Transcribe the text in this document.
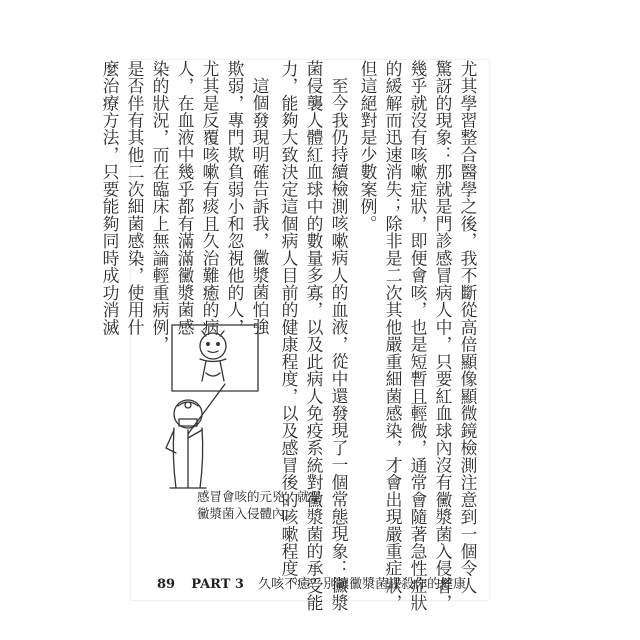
尤其學習整合醫學之後，我不斷從高倍顯像顯微鏡檢測注意到一個令人
驚訝的現象：那就是門診感冒病人中，只要紅血球內沒有黴漿菌入侵者，
幾乎就沒有咳嗽症狀，即便會咳，也是短暫且輕微，通常會隨著急性症狀
的緩解而迅速消失；除非是二次其他嚴重細菌感染，才會出現嚴重症狀，
但這絕對是少數案例。
至今我仍持續檢測咳嗽病人的血液，從中還發現了一個常態現象：黴漿
菌侵襲人體紅血球中的數量多寡，以及此病人免疫系統對黴漿菌的承受能
力，能夠大致決定這個病人目前的健康程度，以及感冒後的咳嗽程度。
這個發現明確告訴我，黴漿菌怕強
欺弱，專門欺負弱小和忽視他的人，
尤其是反覆咳嗽有痰且久治難癒的病
人，在血液中幾乎都有滿滿黴漿菌感
染的狀況，而在臨床上無論輕重病例，
是否伴有其他二次細菌感染，使用什
麼治療方法，只要能夠同時成功消滅
感冒會咳的元兇，就是
黴漿菌入侵體內。
89 PART 3 久咳不癒？別讓黴漿菌謀殺你的健康
